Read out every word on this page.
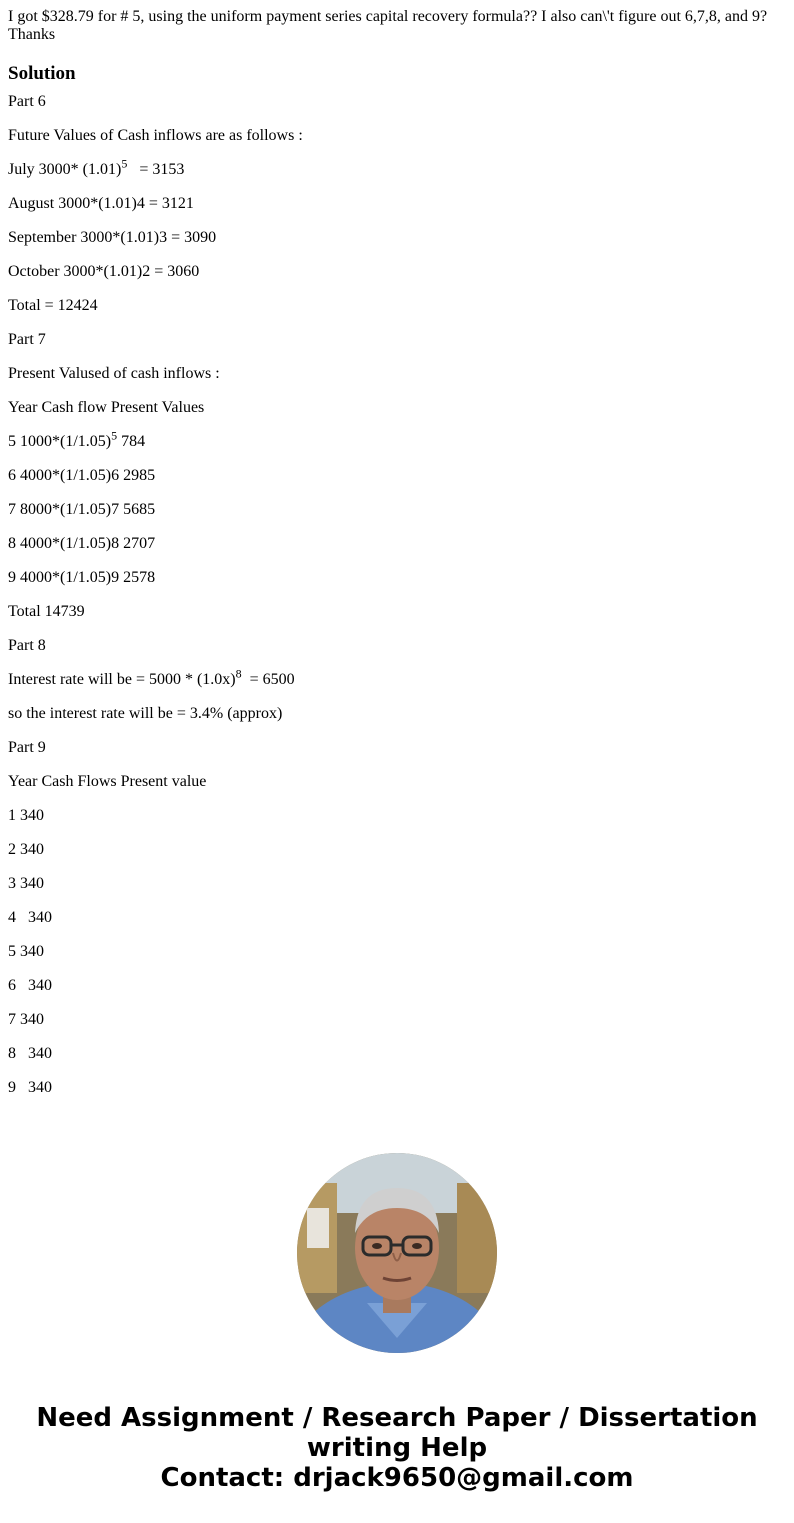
I got $328.79 for # 5, using the uniform payment series capital recovery formula?? I also can\'t figure out 6,7,8, and 9? Thanks

Solution

Part 6

Future Values of Cash inflows are as follows :

July 3000* $(1.01)^5 = 3153$

August 3000*(1.01)4 = 3121

September 3000*(1.01)3 = 3090

October 3000*(1.01)2 = 3060

Total = 12424

Part 7

Present Valused of cash inflows :

Year Cash flow Present Values

5 $1000*(1/1.05)^5$ 784

6 4000*(1/1.05)6 2985

7 8000*(1/1.05)7 5685

8 4000*(1/1.05)8 2707

9 4000*(1/1.05)9 2578

Total 14739

Part 8

Interest rate will be = $5000 * (1.0x)^8 = 6500$

so the interest rate will be = 3.4% (approx)

Part 9

Year Cash Flows Present value

1 340

2 340

3 340

4   340

5 340

6   340

7 340

8   340

9   340

Need Assignment / Research Paper / Dissertation
writing Help
Contact: drjack9650@gmail.com
